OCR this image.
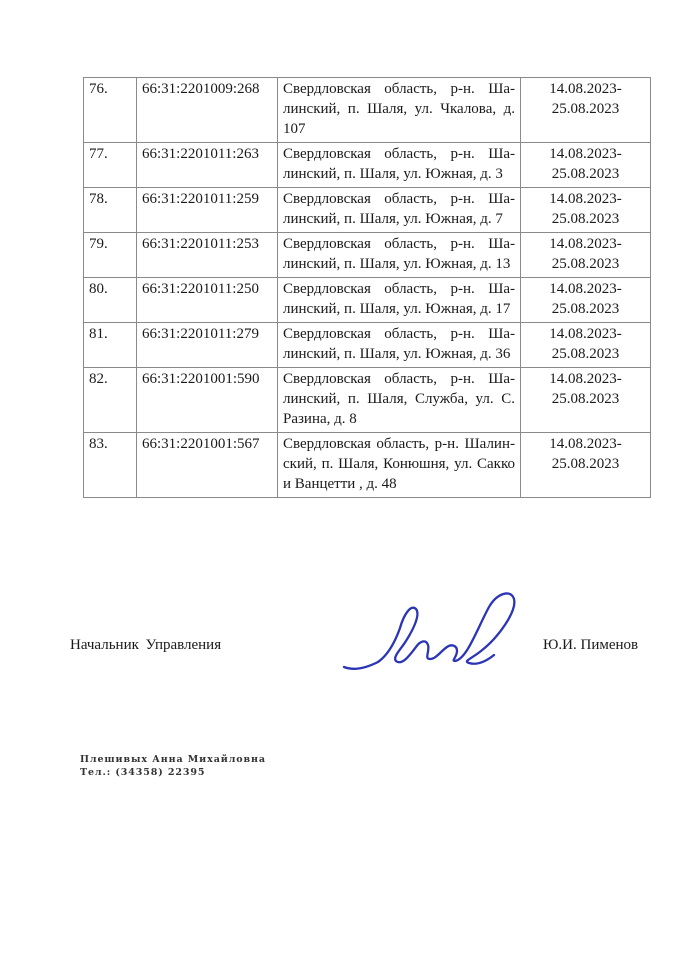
76.	66:31:2201009:268	Свердловская область, р-н. Шалинский, п. Шаля, ул. Чкалова, д. 107	14.08.2023-25.08.2023
77.	66:31:2201011:263	Свердловская область, р-н. Шалинский, п. Шаля, ул. Южная, д. 3	14.08.2023-25.08.2023
78.	66:31:2201011:259	Свердловская область, р-н. Шалинский, п. Шаля, ул. Южная, д. 7	14.08.2023-25.08.2023
79.	66:31:2201011:253	Свердловская область, р-н. Шалинский, п. Шаля, ул. Южная, д. 13	14.08.2023-25.08.2023
80.	66:31:2201011:250	Свердловская область, р-н. Шалинский, п. Шаля, ул. Южная, д. 17	14.08.2023-25.08.2023
81.	66:31:2201011:279	Свердловская область, р-н. Шалинский, п. Шаля, ул. Южная, д. 36	14.08.2023-25.08.2023
82.	66:31:2201001:590	Свердловская область, р-н. Шалинский, п. Шаля, Служба, ул. С. Разина, д. 8	14.08.2023-25.08.2023
83.	66:31:2201001:567	Свердловская область, р-н. Шалинский, п. Шаля, Конюшня, ул. Сакко и Ванцетти , д. 48	14.08.2023-25.08.2023
Начальник Управления	Ю.И. Пименов
Плешивых Анна Михайловна
Тел.: (34358) 22395
